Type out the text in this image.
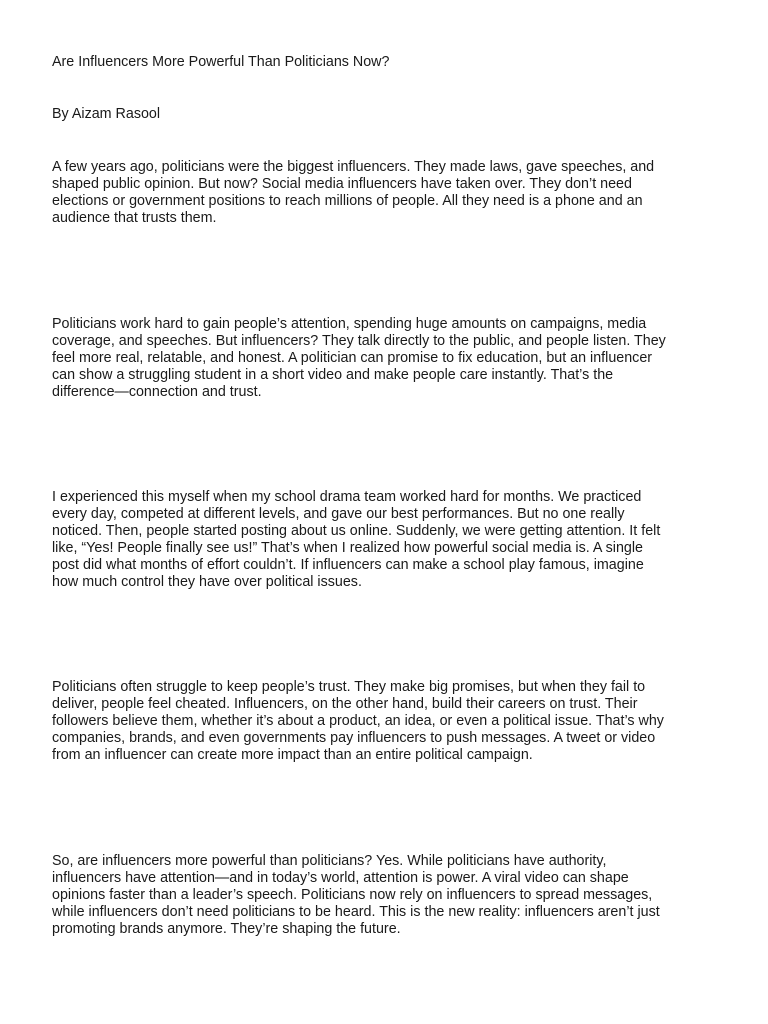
Are Influencers More Powerful Than Politicians Now?

By Aizam Rasool

A few years ago, politicians were the biggest influencers. They made laws, gave speeches, and
shaped public opinion. But now? Social media influencers have taken over. They don’t need
elections or government positions to reach millions of people. All they need is a phone and an
audience that trusts them.
Politicians work hard to gain people’s attention, spending huge amounts on campaigns, media
coverage, and speeches. But influencers? They talk directly to the public, and people listen. They
feel more real, relatable, and honest. A politician can promise to fix education, but an influencer
can show a struggling student in a short video and make people care instantly. That’s the
difference—connection and trust.
I experienced this myself when my school drama team worked hard for months. We practiced
every day, competed at different levels, and gave our best performances. But no one really
noticed. Then, people started posting about us online. Suddenly, we were getting attention. It felt
like, “Yes! People finally see us!” That’s when I realized how powerful social media is. A single
post did what months of effort couldn’t. If influencers can make a school play famous, imagine
how much control they have over political issues.
Politicians often struggle to keep people’s trust. They make big promises, but when they fail to
deliver, people feel cheated. Influencers, on the other hand, build their careers on trust. Their
followers believe them, whether it’s about a product, an idea, or even a political issue. That’s why
companies, brands, and even governments pay influencers to push messages. A tweet or video
from an influencer can create more impact than an entire political campaign.
So, are influencers more powerful than politicians? Yes. While politicians have authority,
influencers have attention—and in today’s world, attention is power. A viral video can shape
opinions faster than a leader’s speech. Politicians now rely on influencers to spread messages,
while influencers don’t need politicians to be heard. This is the new reality: influencers aren’t just
promoting brands anymore. They’re shaping the future.
